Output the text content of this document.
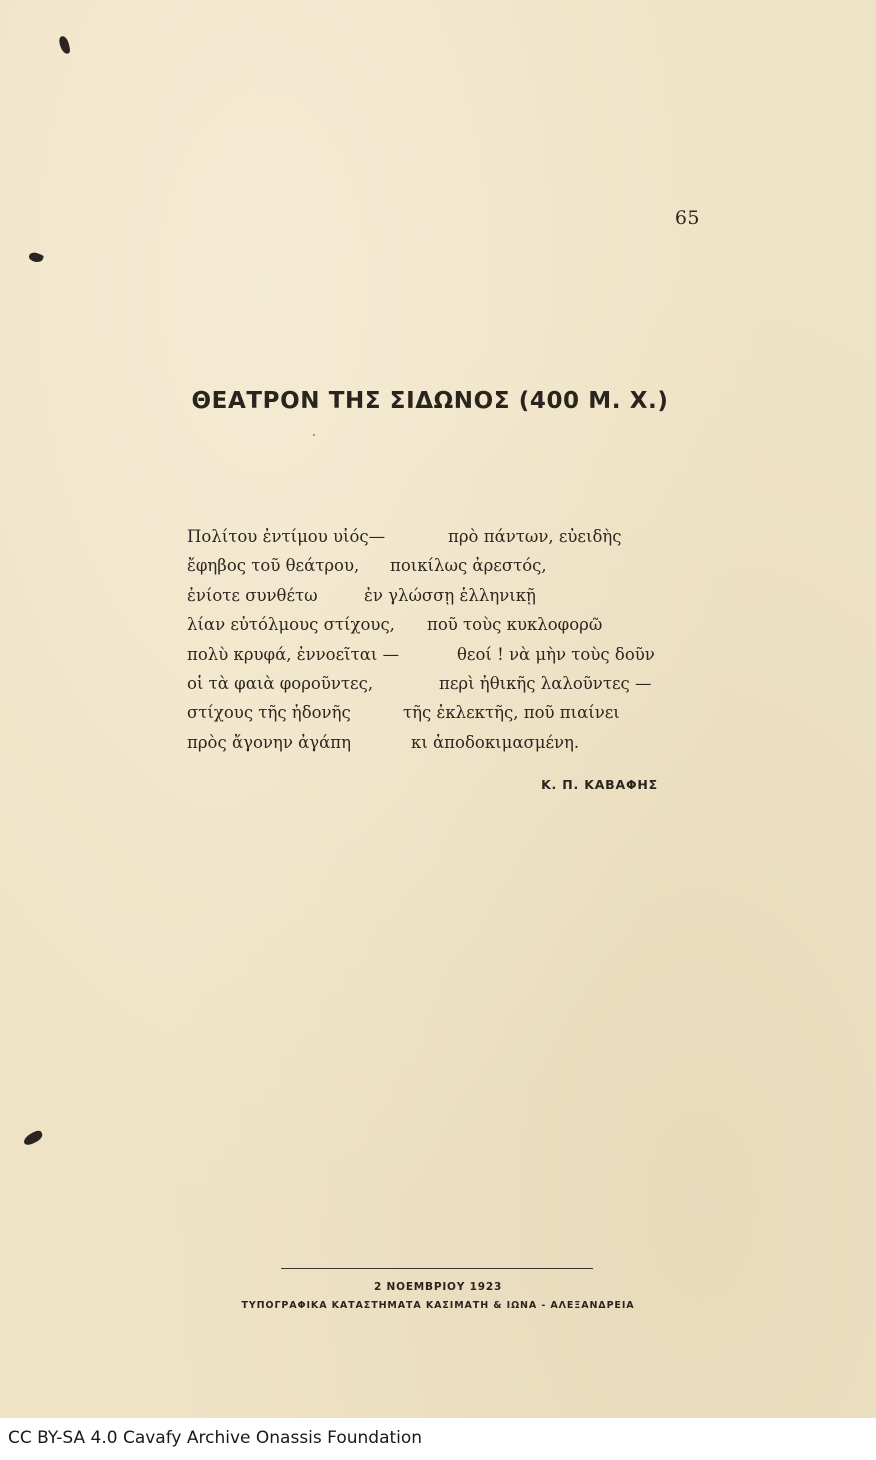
65
ΘΕΑΤΡΟΝ ΤΗΣ ΣΙΔΩΝΟΣ (400 Μ. Χ.)
Πολίτου ἐντίμου υἱός—	πρὸ πάντων, εὐειδὴς
ἔφηβος τοῦ θεάτρου, ποικίλως ἀρεστός,
ἐνίοτε συνθέτω	ἐν γλώσσῃ ἑλληνικῇ
λίαν εὐτόλμους στίχους, ποῦ τοὺς κυκλοφορῶ
πολὺ κρυφά, ἐννοεῖται —	θεοί ! νὰ μὴν τοὺς δοῦν
οἱ τὰ φαιὰ φοροῦντες,	περὶ ἠθικῆς λαλοῦντες —
στίχους τῆς ἡδονῆς	τῆς ἐκλεκτῆς, ποῦ πιαίνει
πρὸς ἄγονην ἀγάπη	κι ἀποδοκιμασμένη.
Κ. Π. ΚΑΒΑΦΗΣ
2 ΝΟΕΜΒΡΙΟΥ 1923
ΤΥΠΟΓΡΑΦΙΚΑ ΚΑΤΑΣΤΗΜΑΤΑ ΚΑΣΙΜΑΤΗ & ΙΩΝΑ - ΑΛΕΞΑΝΔΡΕΙΑ
CC BY-SA 4.0 Cavafy Archive Onassis Foundation
